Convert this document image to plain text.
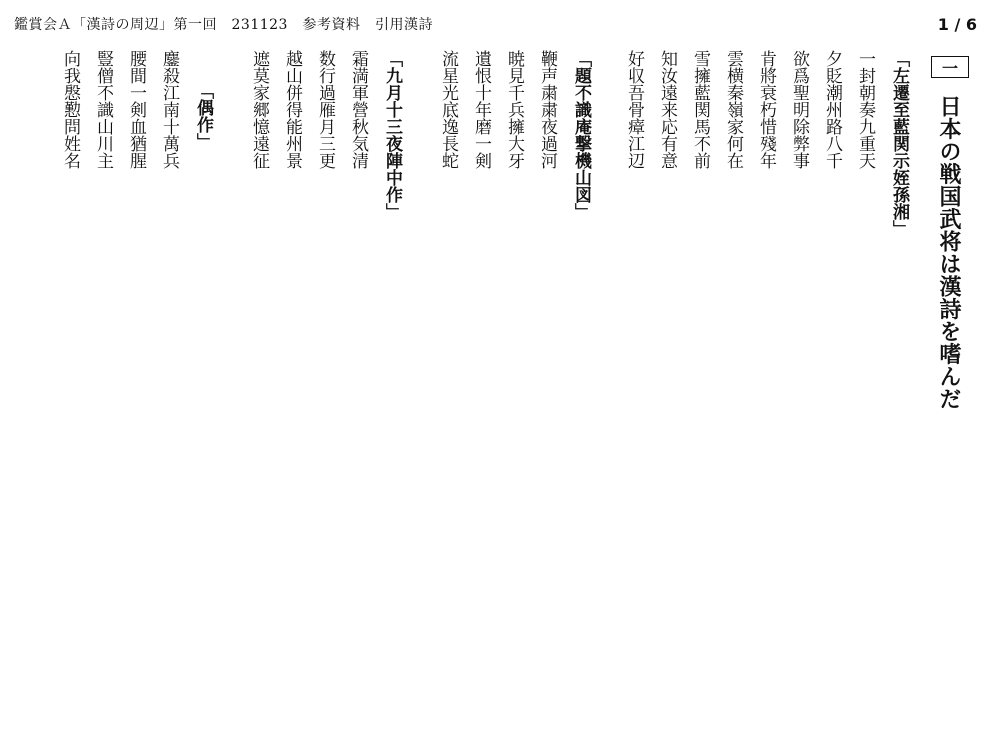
鑑賞会Ａ「漢詩の周辺」第一回　231123　参考資料　引用漢詩	1 / 6
一
日本の戦国武将は漢詩を嗜んだ
「左遷至藍関示姪孫湘」
一封朝奏九重天
夕貶潮州路八千
欲爲聖明除弊事
肯將衰朽惜殘年
雲横秦嶺家何在
雪擁藍関馬不前
知汝遠来応有意
好収吾骨瘴江辺
「題不識庵撃機山図」
鞭声粛粛夜過河
暁見千兵擁大牙
遺恨十年磨一剣
流星光底逸長蛇
「九月十三夜陣中作」
霜満軍營秋気清
数行過雁月三更
越山併得能州景
遮莫家郷憶遠征
「偶作」
鏖殺江南十萬兵
腰間一剣血猶腥
豎僧不識山川主
向我慇懃問姓名
